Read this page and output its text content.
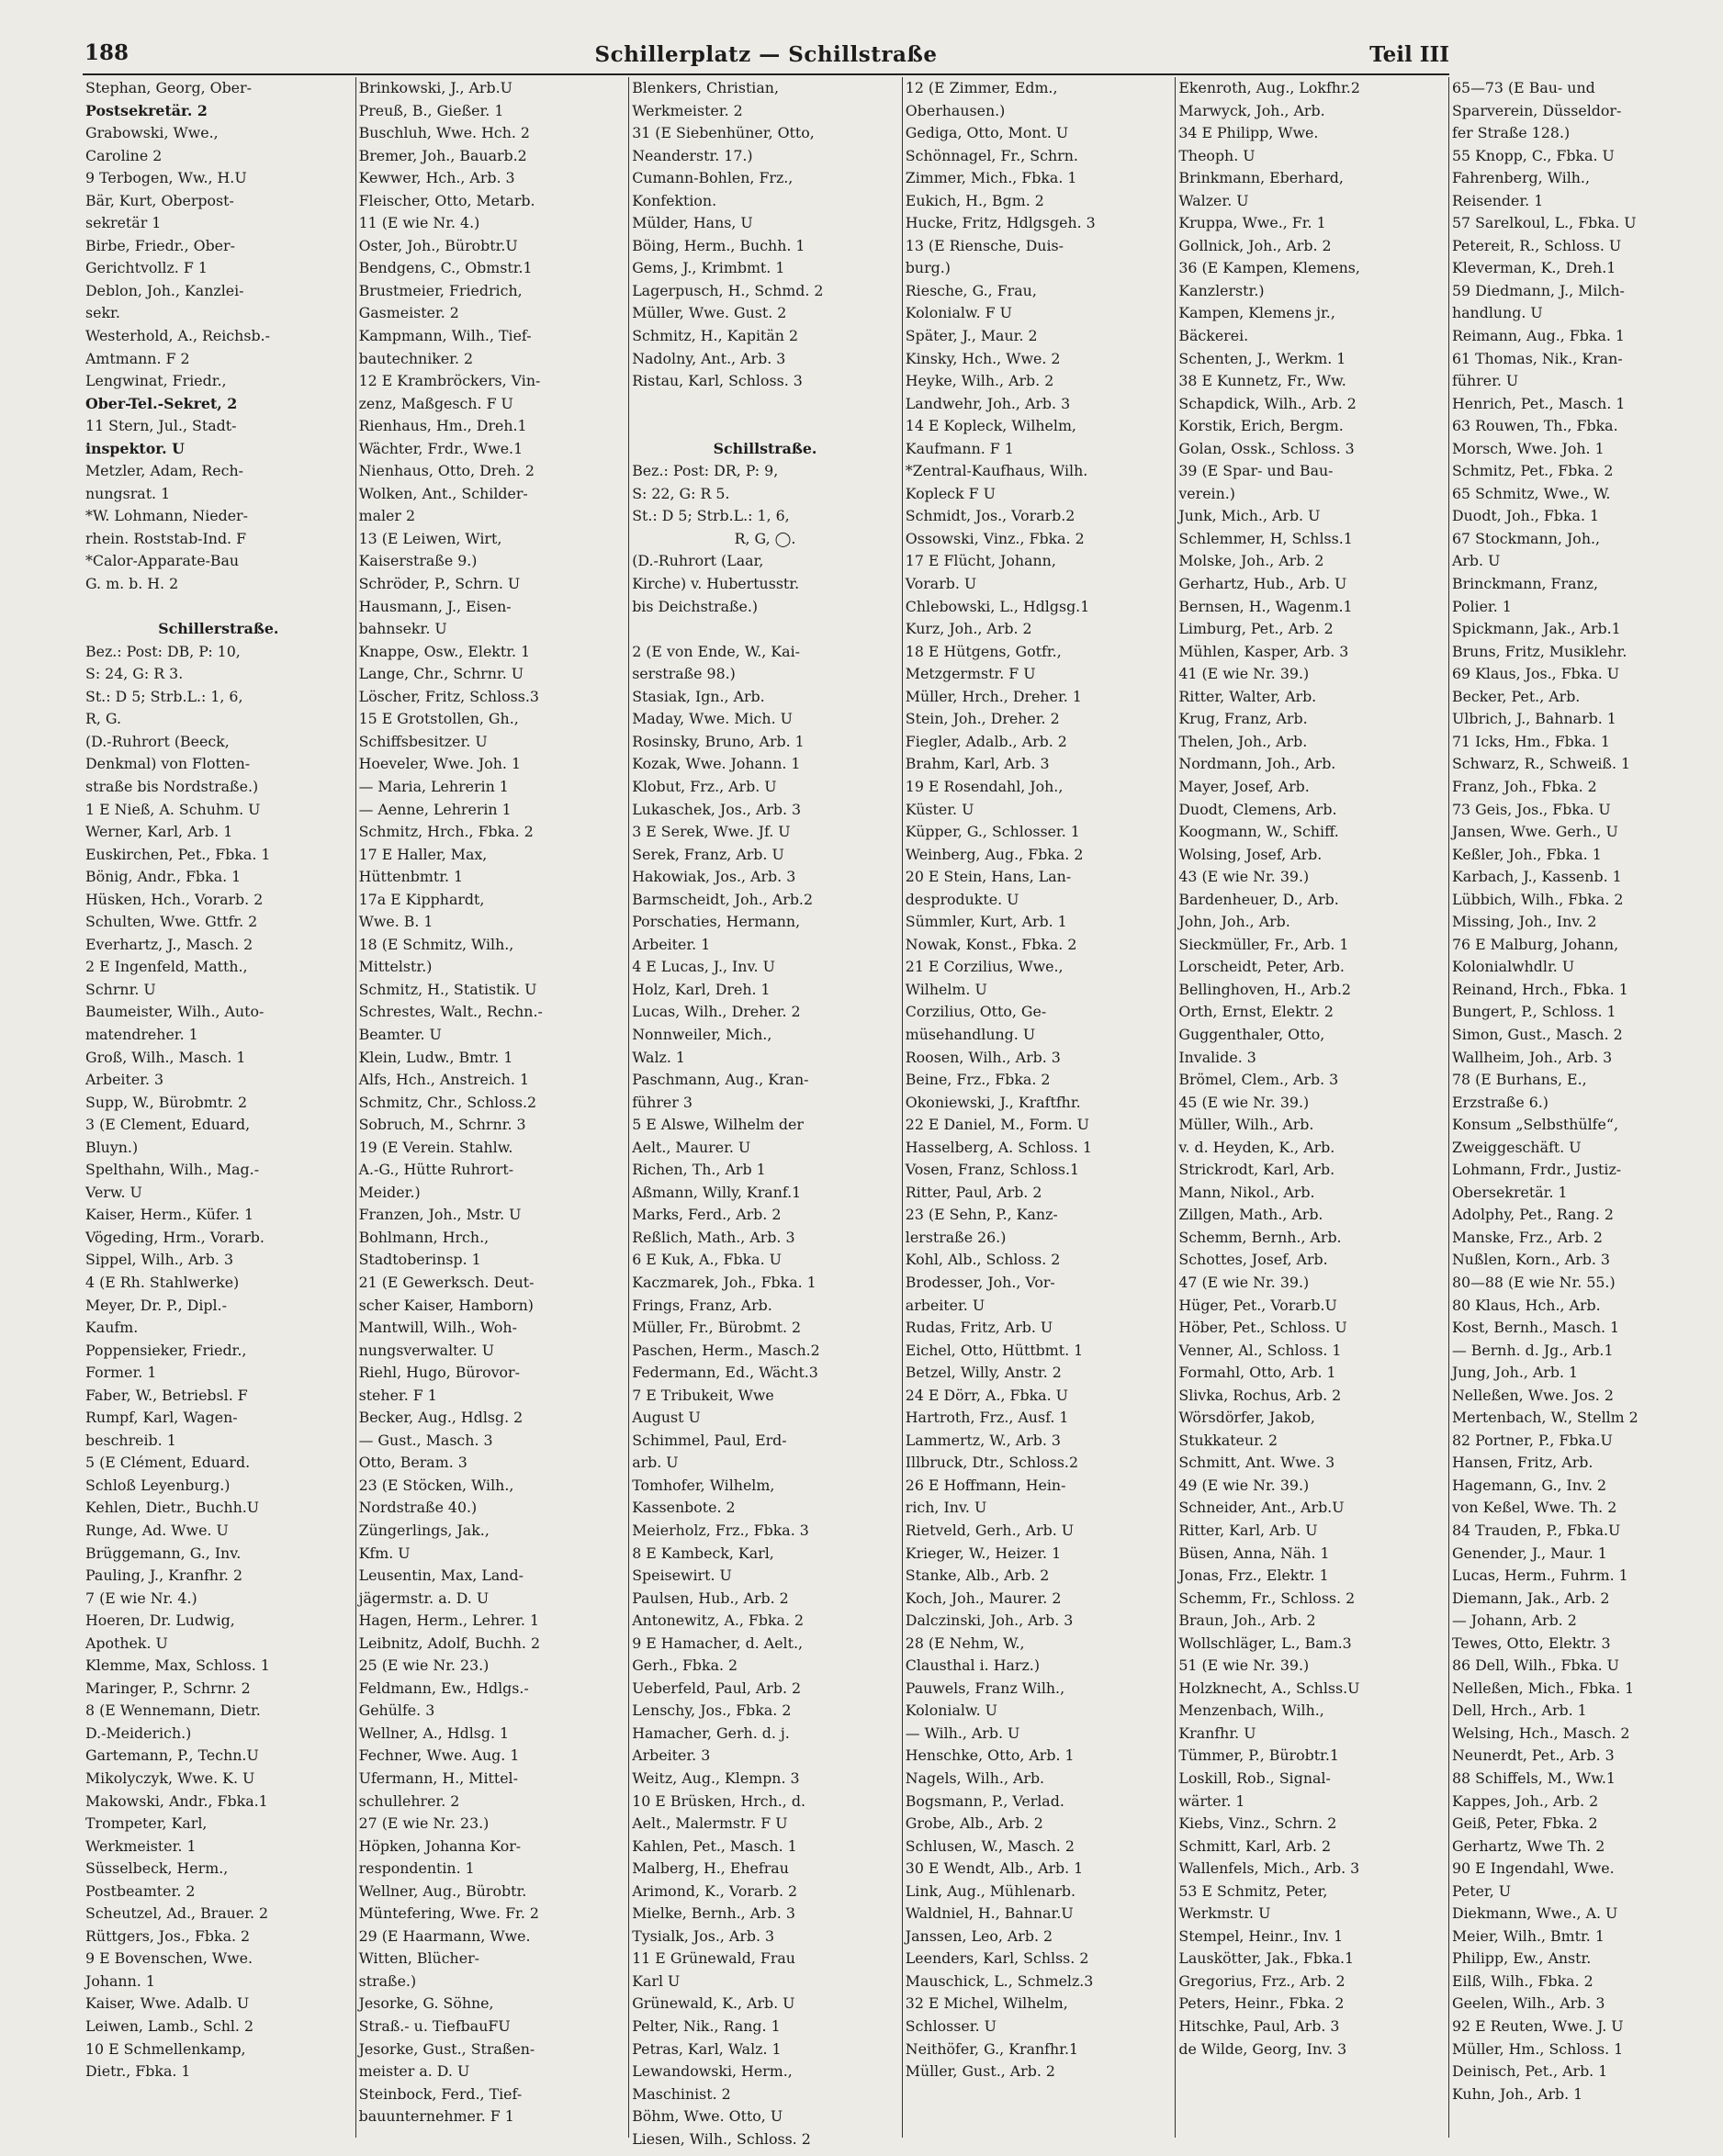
188	Schillerplatz — Schillstraße	Teil III
Stephan, Georg, Ober-
Postsekretär. 2
Grabowski, Wwe.,
Caroline 2
9 Terbogen, Ww., H.U
Bär, Kurt, Oberpost-
sekretär 1
Birbe, Friedr., Ober-
Gerichtvollz. F 1
Deblon, Joh., Kanzlei-
sekr.
Westerhold, A., Reichsb.-
Amtmann. F 2
Lengwinat, Friedr.,
Ober-Tel.-Sekret, 2
11 Stern, Jul., Stadt-
inspektor. U
Metzler, Adam, Rech-
nungsrat. 1
*W. Lohmann, Nieder-
rhein. Roststab-Ind. F
*Calor-Apparate-Bau
G. m. b. H. 2
Schillerstraße.
Bez.: Post: DB, P: 10,
S: 24, G: R 3.
St.: D 5; Strb.L.: 1, 6,
R, G.
(D.-Ruhrort (Beeck,
Denkmal) von Flotten-
straße bis Nordstraße.)
1 E Nieß, A. Schuhm. U
Werner, Karl, Arb. 1
Euskirchen, Pet., Fbka. 1
Bönig, Andr., Fbka. 1
Hüsken, Hch., Vorarb. 2
Schulten, Wwe. Gttfr. 2
Everhartz, J., Masch. 2
2 E Ingenfeld, Matth.,
Schrnr. U
Baumeister, Wilh., Auto-
matendreher. 1
Groß, Wilh., Masch. 1
Arbeiter. 3
Supp, W., Bürobmtr. 2
3 (E Clement, Eduard,
Bluyn.)
Spelthahn, Wilh., Mag.-
Verw. U
Kaiser, Herm., Küfer. 1
Vögeding, Hrm., Vorarb.
Sippel, Wilh., Arb. 3
4 (E Rh. Stahlwerke)
Meyer, Dr. P., Dipl.-
Kaufm.
Poppensieker, Friedr.,
Former. 1
Faber, W., Betriebsl. F
Rumpf, Karl, Wagen-
beschreib. 1
5 (E Clément, Eduard.
Schloß Leyenburg.)
Kehlen, Dietr., Buchh.U
Runge, Ad. Wwe. U
Brüggemann, G., Inv.
Pauling, J., Kranfhr. 2
7 (E wie Nr. 4.)
Hoeren, Dr. Ludwig,
Apothek. U
Klemme, Max, Schloss. 1
Maringer, P., Schrnr. 2
8 (E Wennemann, Dietr.
D.-Meiderich.)
Gartemann, P., Techn.U
Mikolyczyk, Wwe. K. U
Makowski, Andr., Fbka.1
Trompeter, Karl,
Werkmeister. 1
Süsselbeck, Herm.,
Postbeamter. 2
Scheutzel, Ad., Brauer. 2
Rüttgers, Jos., Fbka. 2
9 E Bovenschen, Wwe.
Johann. 1
Kaiser, Wwe. Adalb. U
Leiwen, Lamb., Schl. 2
10 E Schmellenkamp,
Dietr., Fbka. 1
Brinkowski, J., Arb.U
Preuß, B., Gießer. 1
Buschluh, Wwe. Hch. 2
Bremer, Joh., Bauarb.2
Kewwer, Hch., Arb. 3
Fleischer, Otto, Metarb.
11 (E wie Nr. 4.)
Oster, Joh., Bürobtr.U
Bendgens, C., Obmstr.1
Brustmeier, Friedrich,
Gasmeister. 2
Kampmann, Wilh., Tief-
bautechniker. 2
12 E Krambröckers, Vin-
zenz, Maßgesch. F U
Rienhaus, Hm., Dreh.1
Wächter, Frdr., Wwe.1
Nienhaus, Otto, Dreh. 2
Wolken, Ant., Schilder-
maler 2
13 (E Leiwen, Wirt,
Kaiserstraße 9.)
Schröder, P., Schrn. U
Hausmann, J., Eisen-
bahnsekr. U
Knappe, Osw., Elektr. 1
Lange, Chr., Schrnr. U
Löscher, Fritz, Schloss.3
15 E Grotstollen, Gh.,
Schiffsbesitzer. U
Hoeveler, Wwe. Joh. 1
— Maria, Lehrerin 1
— Aenne, Lehrerin 1
Schmitz, Hrch., Fbka. 2
17 E Haller, Max,
Hüttenbmtr. 1
17a E Kipphardt,
Wwe. B. 1
18 (E Schmitz, Wilh.,
Mittelstr.)
Schmitz, H., Statistik. U
Schrestes, Walt., Rechn.-
Beamter. U
Klein, Ludw., Bmtr. 1
Alfs, Hch., Anstreich. 1
Schmitz, Chr., Schloss.2
Sobruch, M., Schrnr. 3
19 (E Verein. Stahlw.
A.-G., Hütte Ruhrort-
Meider.)
Franzen, Joh., Mstr. U
Bohlmann, Hrch.,
Stadtoberinsp. 1
21 (E Gewerksch. Deut-
scher Kaiser, Hamborn)
Mantwill, Wilh., Woh-
nungsverwalter. U
Riehl, Hugo, Bürovor-
steher. F 1
Becker, Aug., Hdlsg. 2
— Gust., Masch. 3
Otto, Beram. 3
23 (E Stöcken, Wilh.,
Nordstraße 40.)
Züngerlings, Jak.,
Kfm. U
Leusentin, Max, Land-
jägermstr. a. D. U
Hagen, Herm., Lehrer. 1
Leibnitz, Adolf, Buchh. 2
25 (E wie Nr. 23.)
Feldmann, Ew., Hdlgs.-
Gehülfe. 3
Wellner, A., Hdlsg. 1
Fechner, Wwe. Aug. 1
Ufermann, H., Mittel-
schullehrer. 2
27 (E wie Nr. 23.)
Höpken, Johanna Kor-
respondentin. 1
Wellner, Aug., Bürobtr.
Müntefering, Wwe. Fr. 2
29 (E Haarmann, Wwe.
Witten, Blücher-
straße.)
Jesorke, G. Söhne,
Straß.- u. TiefbauFU
Jesorke, Gust., Straßen-
meister a. D. U
Steinbock, Ferd., Tief-
bauunternehmer. F 1
Blenkers, Christian,
Werkmeister. 2
31 (E Siebenhüner, Otto,
Neanderstr. 17.)
Cumann-Bohlen, Frz.,
Konfektion.
Mülder, Hans, U
Böing, Herm., Buchh. 1
Gems, J., Krimbmt. 1
Lagerpusch, H., Schmd. 2
Müller, Wwe. Gust. 2
Schmitz, H., Kapitän 2
Nadolny, Ant., Arb. 3
Ristau, Karl, Schloss. 3
Schillstraße.
Bez.: Post: DR, P: 9,
S: 22, G: R 5.
St.: D 5; Strb.L.: 1, 6,
R, G, ◯.
(D.-Ruhrort (Laar,
Kirche) v. Hubertusstr.
bis Deichstraße.)
2 (E von Ende, W., Kai-
serstraße 98.)
Stasiak, Ign., Arb.
Maday, Wwe. Mich. U
Rosinsky, Bruno, Arb. 1
Kozak, Wwe. Johann. 1
Klobut, Frz., Arb. U
Lukaschek, Jos., Arb. 3
3 E Serek, Wwe. Jf. U
Serek, Franz, Arb. U
Hakowiak, Jos., Arb. 3
Barmscheidt, Joh., Arb.2
Porschaties, Hermann,
Arbeiter. 1
4 E Lucas, J., Inv. U
Holz, Karl, Dreh. 1
Lucas, Wilh., Dreher. 2
Nonnweiler, Mich.,
Walz. 1
Paschmann, Aug., Kran-
führer 3
5 E Alswe, Wilhelm der
Aelt., Maurer. U
Richen, Th., Arb 1
Aßmann, Willy, Kranf.1
Marks, Ferd., Arb. 2
Reßlich, Math., Arb. 3
6 E Kuk, A., Fbka. U
Kaczmarek, Joh., Fbka. 1
Frings, Franz, Arb.
Müller, Fr., Bürobmt. 2
Paschen, Herm., Masch.2
Federmann, Ed., Wächt.3
7 E Tribukeit, Wwe
August U
Schimmel, Paul, Erd-
arb. U
Tomhofer, Wilhelm,
Kassenbote. 2
Meierholz, Frz., Fbka. 3
8 E Kambeck, Karl,
Speisewirt. U
Paulsen, Hub., Arb. 2
Antonewitz, A., Fbka. 2
9 E Hamacher, d. Aelt.,
Gerh., Fbka. 2
Ueberfeld, Paul, Arb. 2
Lenschy, Jos., Fbka. 2
Hamacher, Gerh. d. j.
Arbeiter. 3
Weitz, Aug., Klempn. 3
10 E Brüsken, Hrch., d.
Aelt., Malermstr. F U
Kahlen, Pet., Masch. 1
Malberg, H., Ehefrau
Arimond, K., Vorarb. 2
Mielke, Bernh., Arb. 3
Tysialk, Jos., Arb. 3
11 E Grünewald, Frau
Karl U
Grünewald, K., Arb. U
Pelter, Nik., Rang. 1
Petras, Karl, Walz. 1
Lewandowski, Herm.,
Maschinist. 2
Böhm, Wwe. Otto, U
Liesen, Wilh., Schloss. 2
12 (E Zimmer, Edm.,
Oberhausen.)
Gediga, Otto, Mont. U
Schönnagel, Fr., Schrn.
Zimmer, Mich., Fbka. 1
Eukich, H., Bgm. 2
Hucke, Fritz, Hdlgsgeh. 3
13 (E Riensche, Duis-
burg.)
Riesche, G., Frau,
Kolonialw. F U
Später, J., Maur. 2
Kinsky, Hch., Wwe. 2
Heyke, Wilh., Arb. 2
Landwehr, Joh., Arb. 3
14 E Kopleck, Wilhelm,
Kaufmann. F 1
*Zentral-Kaufhaus, Wilh.
Kopleck F U
Schmidt, Jos., Vorarb.2
Ossowski, Vinz., Fbka. 2
17 E Flücht, Johann,
Vorarb. U
Chlebowski, L., Hdlgsg.1
Kurz, Joh., Arb. 2
18 E Hütgens, Gotfr.,
Metzgermstr. F U
Müller, Hrch., Dreher. 1
Stein, Joh., Dreher. 2
Fiegler, Adalb., Arb. 2
Brahm, Karl, Arb. 3
19 E Rosendahl, Joh.,
Küster. U
Küpper, G., Schlosser. 1
Weinberg, Aug., Fbka. 2
20 E Stein, Hans, Lan-
desprodukte. U
Sümmler, Kurt, Arb. 1
Nowak, Konst., Fbka. 2
21 E Corzilius, Wwe.,
Wilhelm. U
Corzilius, Otto, Ge-
müsehandlung. U
Roosen, Wilh., Arb. 3
Beine, Frz., Fbka. 2
Okoniewski, J., Kraftfhr.
22 E Daniel, M., Form. U
Hasselberg, A. Schloss. 1
Vosen, Franz, Schloss.1
Ritter, Paul, Arb. 2
23 (E Sehn, P., Kanz-
lerstraße 26.)
Kohl, Alb., Schloss. 2
Brodesser, Joh., Vor-
arbeiter. U
Rudas, Fritz, Arb. U
Eichel, Otto, Hüttbmt. 1
Betzel, Willy, Anstr. 2
24 E Dörr, A., Fbka. U
Hartroth, Frz., Ausf. 1
Lammertz, W., Arb. 3
Illbruck, Dtr., Schloss.2
26 E Hoffmann, Hein-
rich, Inv. U
Rietveld, Gerh., Arb. U
Krieger, W., Heizer. 1
Stanke, Alb., Arb. 2
Koch, Joh., Maurer. 2
Dalczinski, Joh., Arb. 3
28 (E Nehm, W.,
Clausthal i. Harz.)
Pauwels, Franz Wilh.,
Kolonialw. U
— Wilh., Arb. U
Henschke, Otto, Arb. 1
Nagels, Wilh., Arb.
Bogsmann, P., Verlad.
Grobe, Alb., Arb. 2
Schlusen, W., Masch. 2
30 E Wendt, Alb., Arb. 1
Link, Aug., Mühlenarb.
Waldniel, H., Bahnar.U
Janssen, Leo, Arb. 2
Leenders, Karl, Schlss. 2
Mauschick, L., Schmelz.3
32 E Michel, Wilhelm,
Schlosser. U
Neithöfer, G., Kranfhr.1
Müller, Gust., Arb. 2
Ekenroth, Aug., Lokfhr.2
Marwyck, Joh., Arb.
34 E Philipp, Wwe.
Theoph. U
Brinkmann, Eberhard,
Walzer. U
Kruppa, Wwe., Fr. 1
Gollnick, Joh., Arb. 2
36 (E Kampen, Klemens,
Kanzlerstr.)
Kampen, Klemens jr.,
Bäckerei.
Schenten, J., Werkm. 1
38 E Kunnetz, Fr., Ww.
Schapdick, Wilh., Arb. 2
Korstik, Erich, Bergm.
Golan, Ossk., Schloss. 3
39 (E Spar- und Bau-
verein.)
Junk, Mich., Arb. U
Schlemmer, H, Schlss.1
Molske, Joh., Arb. 2
Gerhartz, Hub., Arb. U
Bernsen, H., Wagenm.1
Limburg, Pet., Arb. 2
Mühlen, Kasper, Arb. 3
41 (E wie Nr. 39.)
Ritter, Walter, Arb.
Krug, Franz, Arb.
Thelen, Joh., Arb.
Nordmann, Joh., Arb.
Mayer, Josef, Arb.
Duodt, Clemens, Arb.
Koogmann, W., Schiff.
Wolsing, Josef, Arb.
43 (E wie Nr. 39.)
Bardenheuer, D., Arb.
John, Joh., Arb.
Sieckmüller, Fr., Arb. 1
Lorscheidt, Peter, Arb.
Bellinghoven, H., Arb.2
Orth, Ernst, Elektr. 2
Guggenthaler, Otto,
Invalide. 3
Brömel, Clem., Arb. 3
45 (E wie Nr. 39.)
Müller, Wilh., Arb.
v. d. Heyden, K., Arb.
Strickrodt, Karl, Arb.
Mann, Nikol., Arb.
Zillgen, Math., Arb.
Schemm, Bernh., Arb.
Schottes, Josef, Arb.
47 (E wie Nr. 39.)
Hüger, Pet., Vorarb.U
Höber, Pet., Schloss. U
Venner, Al., Schloss. 1
Formahl, Otto, Arb. 1
Slivka, Rochus, Arb. 2
Wörsdörfer, Jakob,
Stukkateur. 2
Schmitt, Ant. Wwe. 3
49 (E wie Nr. 39.)
Schneider, Ant., Arb.U
Ritter, Karl, Arb. U
Büsen, Anna, Näh. 1
Jonas, Frz., Elektr. 1
Schemm, Fr., Schloss. 2
Braun, Joh., Arb. 2
Wollschläger, L., Bam.3
51 (E wie Nr. 39.)
Holzknecht, A., Schlss.U
Menzenbach, Wilh.,
Kranfhr. U
Tümmer, P., Bürobtr.1
Loskill, Rob., Signal-
wärter. 1
Kiebs, Vinz., Schrn. 2
Schmitt, Karl, Arb. 2
Wallenfels, Mich., Arb. 3
53 E Schmitz, Peter,
Werkmstr. U
Stempel, Heinr., Inv. 1
Lauskötter, Jak., Fbka.1
Gregorius, Frz., Arb. 2
Peters, Heinr., Fbka. 2
Hitschke, Paul, Arb. 3
de Wilde, Georg, Inv. 3
65—73 (E Bau- und
Sparverein, Düsseldor-
fer Straße 128.)
55 Knopp, C., Fbka. U
Fahrenberg, Wilh.,
Reisender. 1
57 Sarelkoul, L., Fbka. U
Petereit, R., Schloss. U
Kleverman, K., Dreh.1
59 Diedmann, J., Milch-
handlung. U
Reimann, Aug., Fbka. 1
61 Thomas, Nik., Kran-
führer. U
Henrich, Pet., Masch. 1
63 Rouwen, Th., Fbka.
Morsch, Wwe. Joh. 1
Schmitz, Pet., Fbka. 2
65 Schmitz, Wwe., W.
Duodt, Joh., Fbka. 1
67 Stockmann, Joh.,
Arb. U
Brinckmann, Franz,
Polier. 1
Spickmann, Jak., Arb.1
Bruns, Fritz, Musiklehr.
69 Klaus, Jos., Fbka. U
Becker, Pet., Arb.
Ulbrich, J., Bahnarb. 1
71 Icks, Hm., Fbka. 1
Schwarz, R., Schweiß. 1
Franz, Joh., Fbka. 2
73 Geis, Jos., Fbka. U
Jansen, Wwe. Gerh., U
Keßler, Joh., Fbka. 1
Karbach, J., Kassenb. 1
Lübbich, Wilh., Fbka. 2
Missing, Joh., Inv. 2
76 E Malburg, Johann,
Kolonialwhdlr. U
Reinand, Hrch., Fbka. 1
Bungert, P., Schloss. 1
Simon, Gust., Masch. 2
Wallheim, Joh., Arb. 3
78 (E Burhans, E.,
Erzstraße 6.)
Konsum „Selbsthülfe“,
Zweiggeschäft. U
Lohmann, Frdr., Justiz-
Obersekretär. 1
Adolphy, Pet., Rang. 2
Manske, Frz., Arb. 2
Nußlen, Korn., Arb. 3
80—88 (E wie Nr. 55.)
80 Klaus, Hch., Arb.
Kost, Bernh., Masch. 1
— Bernh. d. Jg., Arb.1
Jung, Joh., Arb. 1
Nelleßen, Wwe. Jos. 2
Mertenbach, W., Stellm 2
82 Portner, P., Fbka.U
Hansen, Fritz, Arb.
Hagemann, G., Inv. 2
von Keßel, Wwe. Th. 2
84 Trauden, P., Fbka.U
Genender, J., Maur. 1
Lucas, Herm., Fuhrm. 1
Diemann, Jak., Arb. 2
— Johann, Arb. 2
Tewes, Otto, Elektr. 3
86 Dell, Wilh., Fbka. U
Nelleßen, Mich., Fbka. 1
Dell, Hrch., Arb. 1
Welsing, Hch., Masch. 2
Neunerdt, Pet., Arb. 3
88 Schiffels, M., Ww.1
Kappes, Joh., Arb. 2
Geiß, Peter, Fbka. 2
Gerhartz, Wwe Th. 2
90 E Ingendahl, Wwe.
Peter, U
Diekmann, Wwe., A. U
Meier, Wilh., Bmtr. 1
Philipp, Ew., Anstr.
Eilß, Wilh., Fbka. 2
Geelen, Wilh., Arb. 3
92 E Reuten, Wwe. J. U
Müller, Hm., Schloss. 1
Deinisch, Pet., Arb. 1
Kuhn, Joh., Arb. 1
